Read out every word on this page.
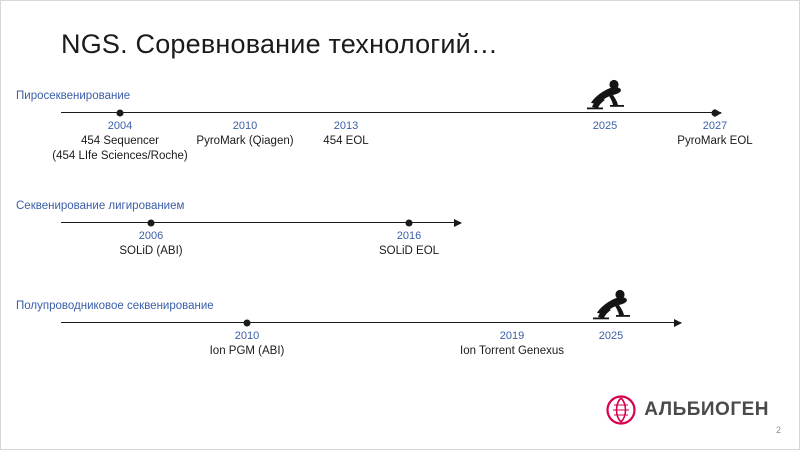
NGS. Соревнование технологий…
Пиросеквенирование
2004
454 Sequencer
(454 LIfe Sciences/Roche)
2010
PyroMark (Qiagen)
2013
454 EOL
2025	2027
PyroMark EOL
Секвенирование лигированием
2006
SOLiD (ABI)
2016
SOLiD EOL
Полупроводниковое секвенирование
2010
Ion PGM (ABI)
2019
Ion Torrent Genexus
2025
АЛЬБИОГЕН
2
